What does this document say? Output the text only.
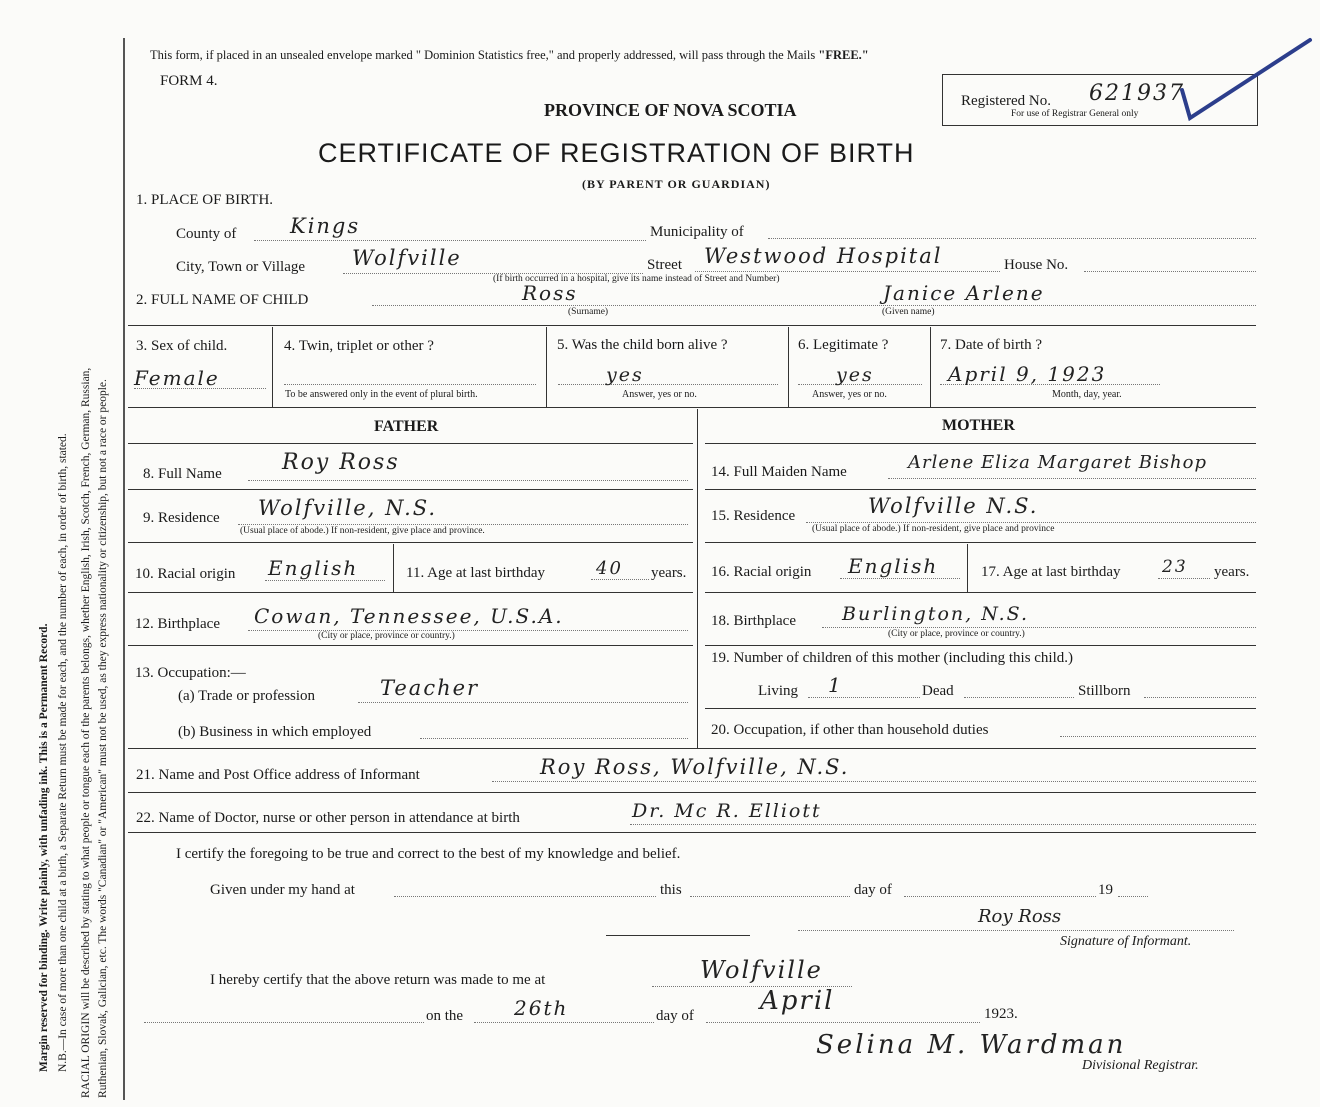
Margin reserved for binding. Write plainly, with unfading ink. This is a Permanent Record. N.B.—In case of more than one child at a birth, a Separate Return must be made for each, and the number of each, in order of birth, stated. RACIAL ORIGIN will be described by stating to what people or tongue each of the parents belongs, whether English, Irish, Scotch, French, German, Russian, Ruthenian, Slovak, Galician, etc. The words "Canadian" or "American" must not be used, as they express nationality or citizenship, but not a race or people.
This form, if placed in an unsealed envelope marked " Dominion Statistics free," and properly addressed, will pass through the Mails "FREE."
FORM 4.
PROVINCE OF NOVA SCOTIA
CERTIFICATE OF REGISTRATION OF BIRTH
(BY PARENT OR GUARDIAN)
Registered No. 621937
For use of Registrar General only
1. PLACE OF BIRTH.
County of	Kings	Municipality of
City, Town or Village Wolfville	Street Westwood Hospital
(If birth occurred in a hospital, give its name instead of Street and Number)
House No.
2. FULL NAME OF CHILD	Ross
(Surname)
Janice Arlene
(Given name)
3. Sex of child.
Female
4. Twin, triplet or other ?
To be answered only in the event of plural birth.
5. Was the child born alive ?
yes
Answer, yes or no.
6. Legitimate ?
yes
Answer, yes or no.
7. Date of birth ?
April 9, 1923
Month, day, year.
FATHER
8. Full Name	Roy Ross
9. Residence Wolfville, N.S.
(Usual place of abode.) If non-resident, give place and province.
10. Racial origin English	11. Age at last birthday	40 years.
12. Birthplace Cowan, Tennessee, U.S.A.
(City or place, province or country.)
13. Occupation:—
(a) Trade or profession	Teacher
(b) Business in which employed
MOTHER
14. Full Maiden Name	Arlene Eliza Margaret Bishop
15. Residence	Wolfville N.S.
(Usual place of abode.) If non-resident, give place and province
16. Racial origin English	17. Age at last birthday 23 years.
18. Birthplace Burlington, N.S.
(City or place, province or country.)
19. Number of children of this mother (including this child.)
Living 1	Dead	Stillborn
20. Occupation, if other than household duties
21. Name and Post Office address of Informant	Roy Ross, Wolfville, N.S.
22. Name of Doctor, nurse or other person in attendance at birth	Dr. Mc R. Elliott
I certify the foregoing to be true and correct to the best of my knowledge and belief.
Given under my hand at	this	day of	19
Roy Ross
Signature of Informant.
I hereby certify that the above return was made to me at	Wolfville
on the	26th	day of	April	1923.
Selina M. Wardman
Divisional Registrar.
